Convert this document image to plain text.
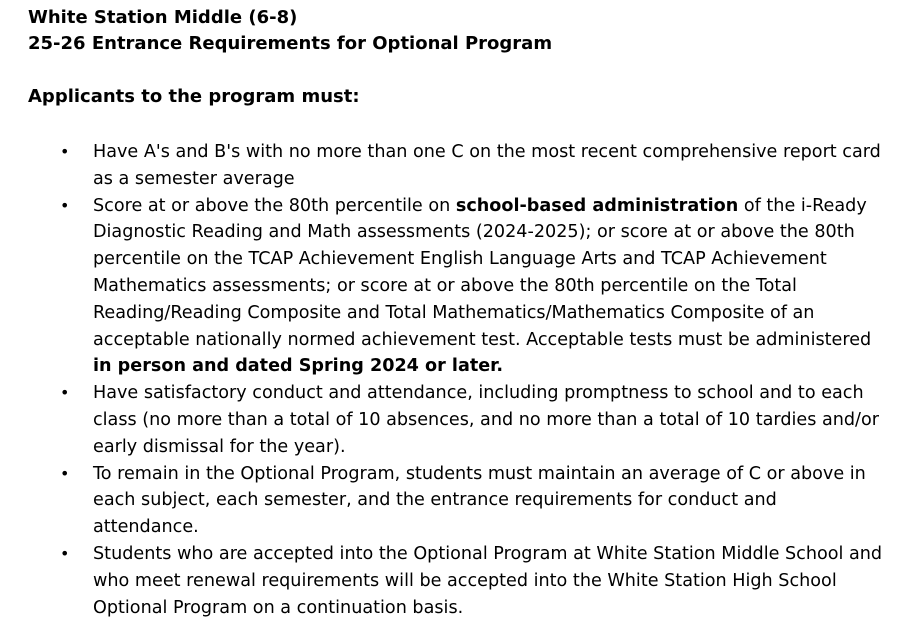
White Station Middle (6-8)

25-26 Entrance Requirements for Optional Program

Applicants to the program must:

• Have A's and B's with no more than one C on the most recent comprehensive report card as a semester average
• Score at or above the 80th percentile on school-based administration of the i-Ready Diagnostic Reading and Math assessments (2024-2025); or score at or above the 80th percentile on the TCAP Achievement English Language Arts and TCAP Achievement Mathematics assessments; or score at or above the 80th percentile on the Total Reading/Reading Composite and Total Mathematics/Mathematics Composite of an acceptable nationally normed achievement test. Acceptable tests must be administered in person and dated Spring 2024 or later.
• Have satisfactory conduct and attendance, including promptness to school and to each class (no more than a total of 10 absences, and no more than a total of 10 tardies and/or early dismissal for the year).
• To remain in the Optional Program, students must maintain an average of C or above in each subject, each semester, and the entrance requirements for conduct and attendance.
• Students who are accepted into the Optional Program at White Station Middle School and who meet renewal requirements will be accepted into the White Station High School Optional Program on a continuation basis.
